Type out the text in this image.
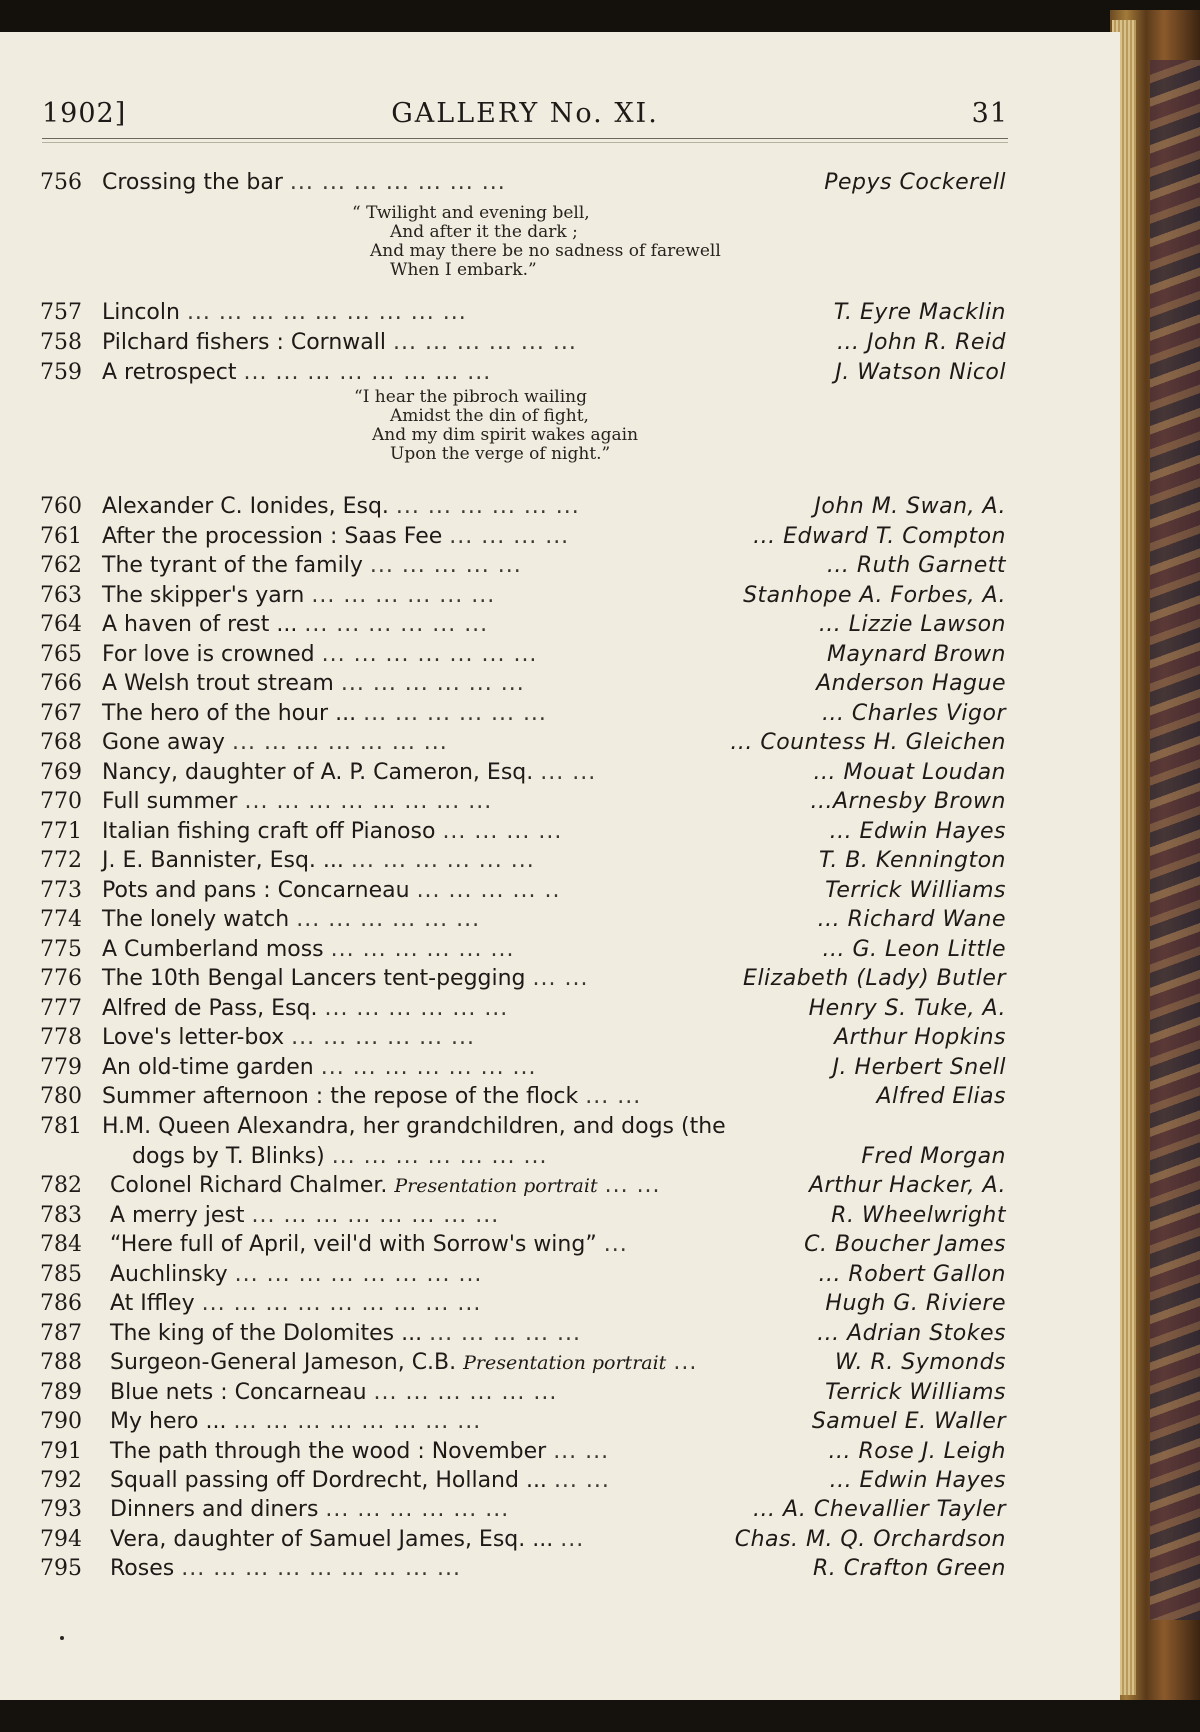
GALLERY No. XI.
1902]	31
“ Twilight and evening bell,
And after it the dark ;
And may there be no sadness of farewell
When I embark.”
“I hear the pibroch wailing
Amidst the din of fight,
And my dim spirit wakes again
Upon the verge of night.”
756 Crossing the bar ... ... ... ... ... ... ...	Pepys Cockerell
757 Lincoln ... ... ... ... ... ... ... ... ...	T. Eyre Macklin
758 Pilchard fishers : Cornwall ... ... ... ... ... ...	... John R. Reid
759 A retrospect ... ... ... ... ... ... ... ...	J. Watson Nicol
760 Alexander C. Ionides, Esq. ... ... ... ... ... ...	John M. Swan, A.
761 After the procession : Saas Fee ... ... ... ...	... Edward T. Compton
762 The tyrant of the family ... ... ... ... ...	... Ruth Garnett
763 The skipper's yarn ... ... ... ... ... ...	Stanhope A. Forbes, A.
764 A haven of rest ... ... ... ... ... ... ...	... Lizzie Lawson
765 For love is crowned ... ... ... ... ... ... ...	Maynard Brown
766 A Welsh trout stream ... ... ... ... ... ...	Anderson Hague
767 The hero of the hour ... ... ... ... ... ... ...	... Charles Vigor
768 Gone away ... ... ... ... ... ... ...	... Countess H. Gleichen
769 Nancy, daughter of A. P. Cameron, Esq. ... ...	... Mouat Loudan
770 Full summer ... ... ... ... ... ... ... ...	...Arnesby Brown
771 Italian fishing craft off Pianoso ... ... ... ...	... Edwin Hayes
772 J. E. Bannister, Esq. ... ... ... ... ... ... ...	T. B. Kennington
773 Pots and pans : Concarneau ... ... ... ... ..	Terrick Williams
774 The lonely watch ... ... ... ... ... ...	... Richard Wane
775 A Cumberland moss ... ... ... ... ... ...	... G. Leon Little
776 The 10th Bengal Lancers tent-pegging ... ...	Elizabeth (Lady) Butler
777 Alfred de Pass, Esq. ... ... ... ... ... ...	Henry S. Tuke, A.
778 Love's letter-box ... ... ... ... ... ...	Arthur Hopkins
779 An old-time garden ... ... ... ... ... ... ...	J. Herbert Snell
780 Summer afternoon : the repose of the flock ... ...	Alfred Elias
781 H.M. Queen Alexandra, her grandchildren, and dogs (the
dogs by T. Blinks) ... ... ... ... ... ... ...	Fred Morgan
782	Colonel Richard Chalmer. Presentation portrait ... ...	Arthur Hacker, A.
783	A merry jest ... ... ... ... ... ... ... ...	R. Wheelwright
784	“Here full of April, veil'd with Sorrow's wing” ...	C. Boucher James
785	Auchlinsky ... ... ... ... ... ... ... ...	... Robert Gallon
786	At Iffley ... ... ... ... ... ... ... ... ...	Hugh G. Riviere
787	The king of the Dolomites ... ... ... ... ... ...	... Adrian Stokes
788	Surgeon-General Jameson, C.B. Presentation portrait ...	W. R. Symonds
789	Blue nets : Concarneau ... ... ... ... ... ...	Terrick Williams
790	My hero ... ... ... ... ... ... ... ... ...	Samuel E. Waller
791	The path through the wood : November ... ...	... Rose J. Leigh
792	Squall passing off Dordrecht, Holland ... ... ...	... Edwin Hayes
793	Dinners and diners ... ... ... ... ... ...	... A. Chevallier Tayler
794	Vera, daughter of Samuel James, Esq. ... ...	Chas. M. Q. Orchardson
795	Roses ... ... ... ... ... ... ... ... ...	R. Crafton Green
